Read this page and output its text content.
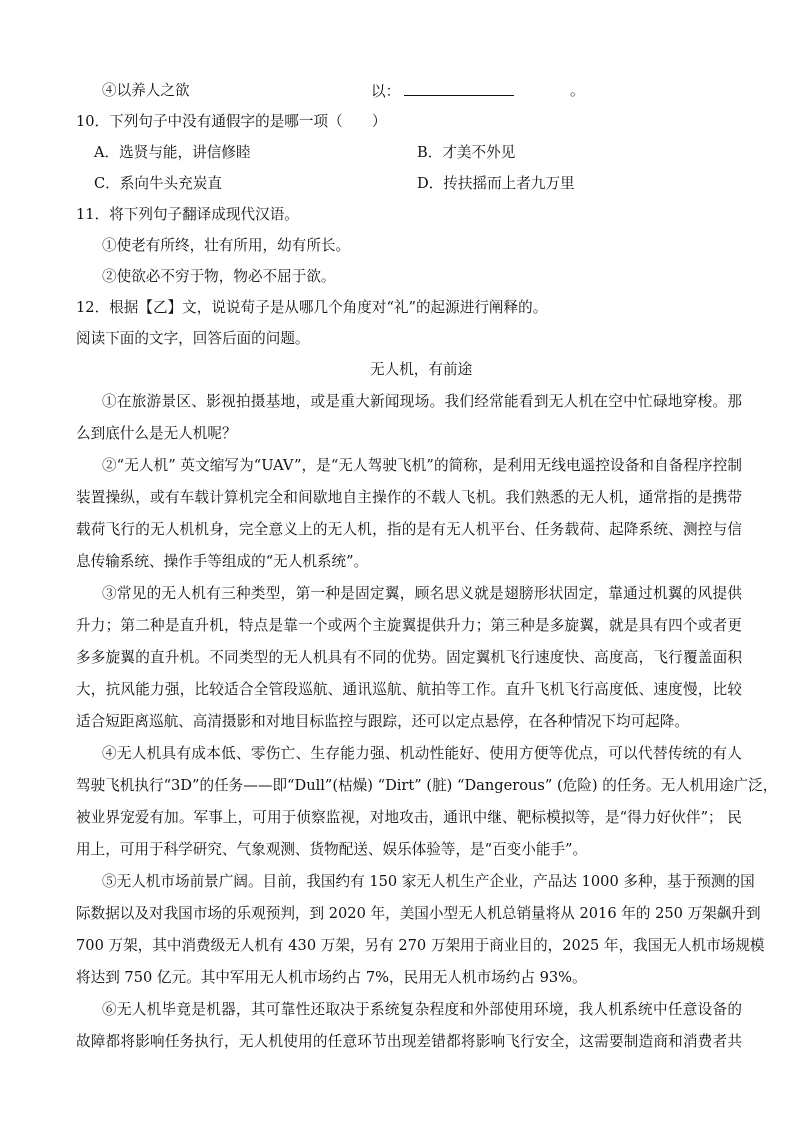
④以养人之欲	以：	。
10．下列句子中没有通假字的是哪一项（　　）
A．选贤与能，讲信修睦	B．才美不外见
C．系向牛头充炭直	D．抟扶摇而上者九万里
11．将下列句子翻译成现代汉语。
①使老有所终，壮有所用，幼有所长。
②使欲必不穷于物，物必不屈于欲。
12．根据【乙】文，说说荀子是从哪几个角度对“礼”的起源进行阐释的。
阅读下面的文字，回答后面的问题。
无人机，有前途
①在旅游景区、影视拍摄基地，或是重大新闻现场。我们经常能看到无人机在空中忙碌地穿梭。那
么到底什么是无人机呢？
②“无人机” 英文缩写为“UAV”，是“无人驾驶飞机”的简称，是利用无线电遥控设备和自备程序控制
装置操纵，或有车载计算机完全和间歇地自主操作的不载人飞机。我们熟悉的无人机，通常指的是携带
载荷飞行的无人机机身，完全意义上的无人机，指的是有无人机平台、任务载荷、起降系统、测控与信
息传输系统、操作手等组成的“无人机系统”。
③常见的无人机有三种类型，第一种是固定翼，顾名思义就是翅膀形状固定，靠通过机翼的风提供
升力；第二种是直升机，特点是靠一个或两个主旋翼提供升力；第三种是多旋翼，就是具有四个或者更
多多旋翼的直升机。不同类型的无人机具有不同的优势。固定翼机飞行速度快、高度高，飞行覆盖面积
大，抗风能力强，比较适合全管段巡航、通讯巡航、航拍等工作。直升飞机飞行高度低、速度慢，比较
适合短距离巡航、高清摄影和对地目标监控与跟踪，还可以定点悬停，在各种情况下均可起降。
④无人机具有成本低、零伤亡、生存能力强、机动性能好、使用方便等优点，可以代替传统的有人
驾驶飞机执行“3D”的任务——即“Dull”(枯燥) “Dirt” (脏) “Dangerous” (危险) 的任务。无人机用途广泛，
被业界宠爱有加。军事上，可用于侦察监视，对地攻击，通讯中继、靶标模拟等，是“得力好伙伴”； 民
用上，可用于科学研究、气象观测、货物配送、娱乐体验等，是“百变小能手”。
⑤无人机市场前景广阔。目前，我国约有 150 家无人机生产企业，产品达 1000 多种，基于预测的国
际数据以及对我国市场的乐观预判，到 2020 年，美国小型无人机总销量将从 2016 年的 250 万架飙升到
700 万架，其中消费级无人机有 430 万架，另有 270 万架用于商业目的，2025 年，我国无人机市场规模
将达到 750 亿元。其中军用无人机市场约占 7%，民用无人机市场约占 93%。
⑥无人机毕竟是机器，其可靠性还取决于系统复杂程度和外部使用环境，我人机系统中任意设备的
故障都将影响任务执行，无人机使用的任意环节出现差错都将影响飞行安全，这需要制造商和消费者共
